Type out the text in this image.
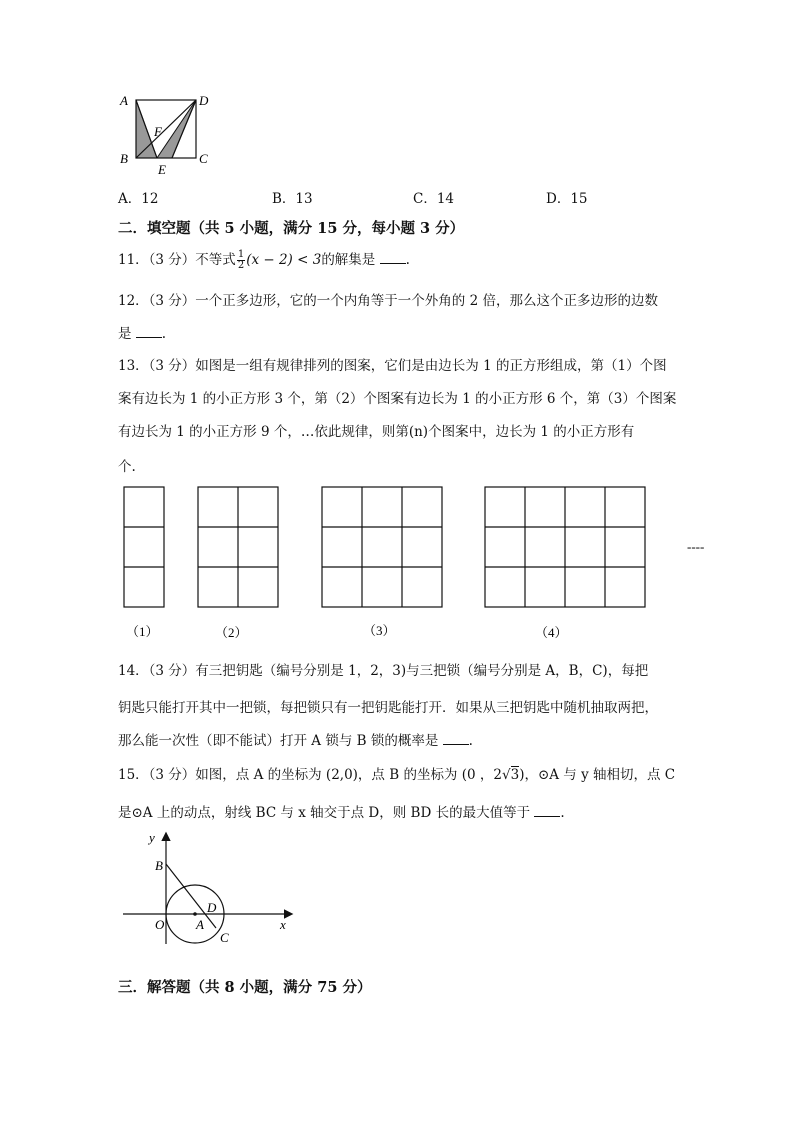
A	D
F
B	C
E
A．12	B．13	C．14	D．15
二．填空题（共 5 小题，满分 15 分，每小题 3 分）
11．（3 分）不等式 $\frac{1}{2} (x - 2) < 3$的解集是 .
12．（3 分）一个正多边形，它的一个内角等于一个外角的 2 倍，那么这个正多边形的边数
是 .
13．（3 分）如图是一组有规律排列的图案，它们是由边长为 1 的正方形组成，第（1）个图
案有边长为 1 的小正方形 3 个，第（2）个图案有边长为 1 的小正方形 6 个，第（3）个图案
有边长为 1 的小正方形 9 个，…依此规律，则第(n)个图案中，边长为 1 的小正方形有
个.
（1）	（2）	（3）	（4）
----
14．（3 分）有三把钥匙（编号分别是 1，2，3)与三把锁（编号分别是 A，B，C)，每把
钥匙只能打开其中一把锁，每把锁只有一把钥匙能打开．如果从三把钥匙中随机抽取两把，
那么能一次性（即不能试）打开 A 锁与 B 锁的概率是 .
15．（3 分）如图，点 A 的坐标为 (2,0)，点 B 的坐标为 (0 ，2√3)，⊙A 与 y 轴相切，点 C
是⊙A 上的动点，射线 BC 与 x 轴交于点 D，则 BD 长的最大值等于 .
y
x
B
O A
D
C
三．解答题（共 8 小题，满分 75 分）
